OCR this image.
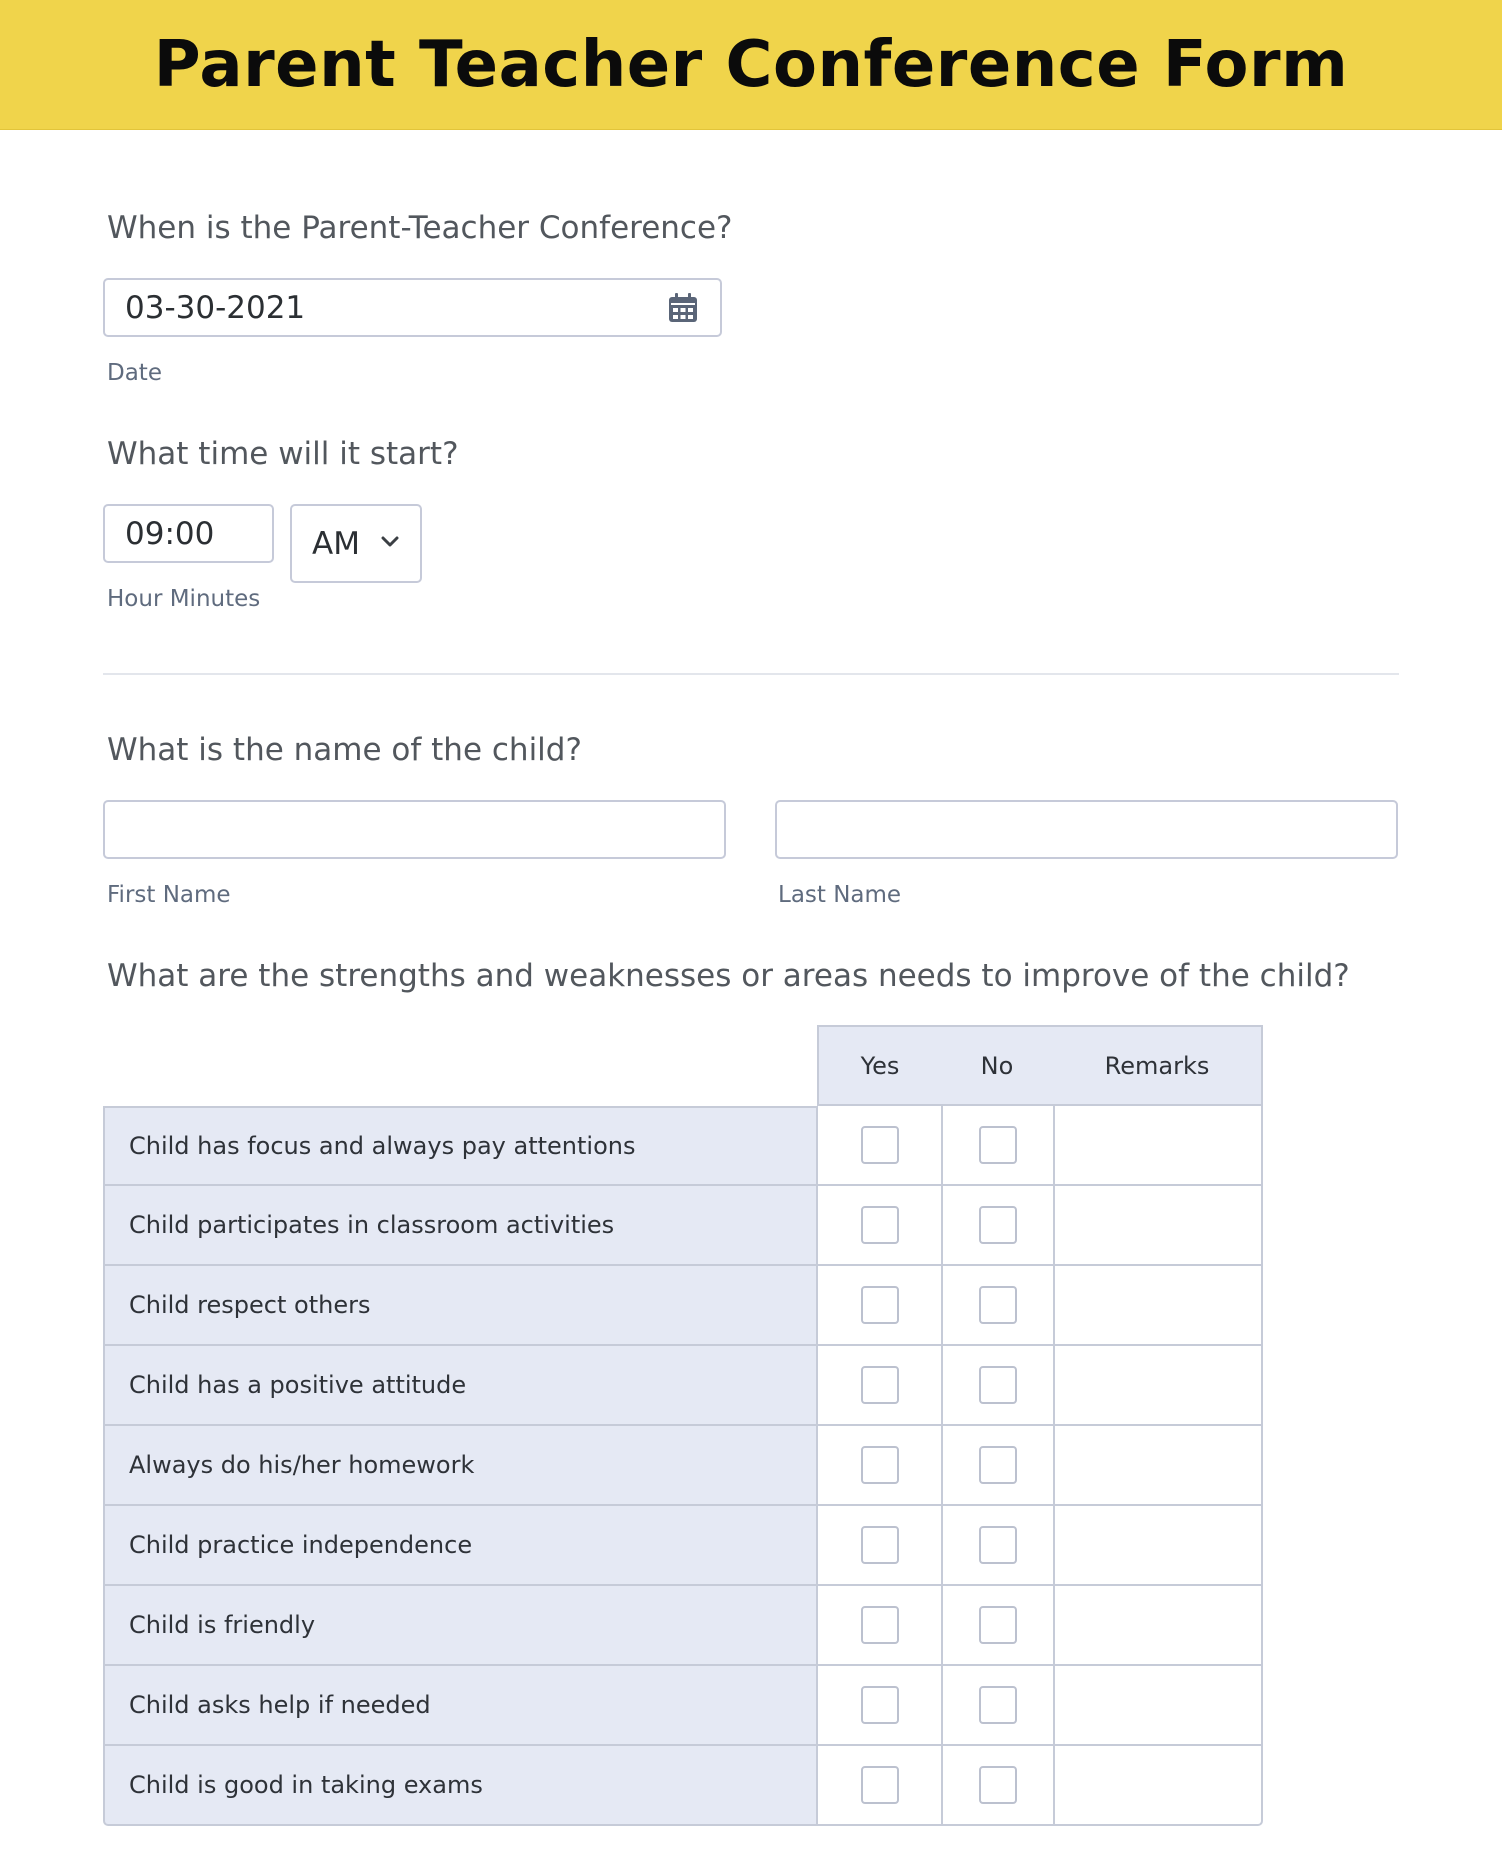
Parent Teacher Conference Form
When is the Parent-Teacher Conference?
03-30-2021
Date
What time will it start?
09:00	AM
Hour Minutes
What is the name of the child?
First Name	Last Name
What are the strengths and weaknesses or areas needs to improve of the child?
Yes	No	Remarks
Child has focus and always pay attentions
Child participates in classroom activities
Child respect others
Child has a positive attitude
Always do his/her homework
Child practice independence
Child is friendly
Child asks help if needed
Child is good in taking exams
